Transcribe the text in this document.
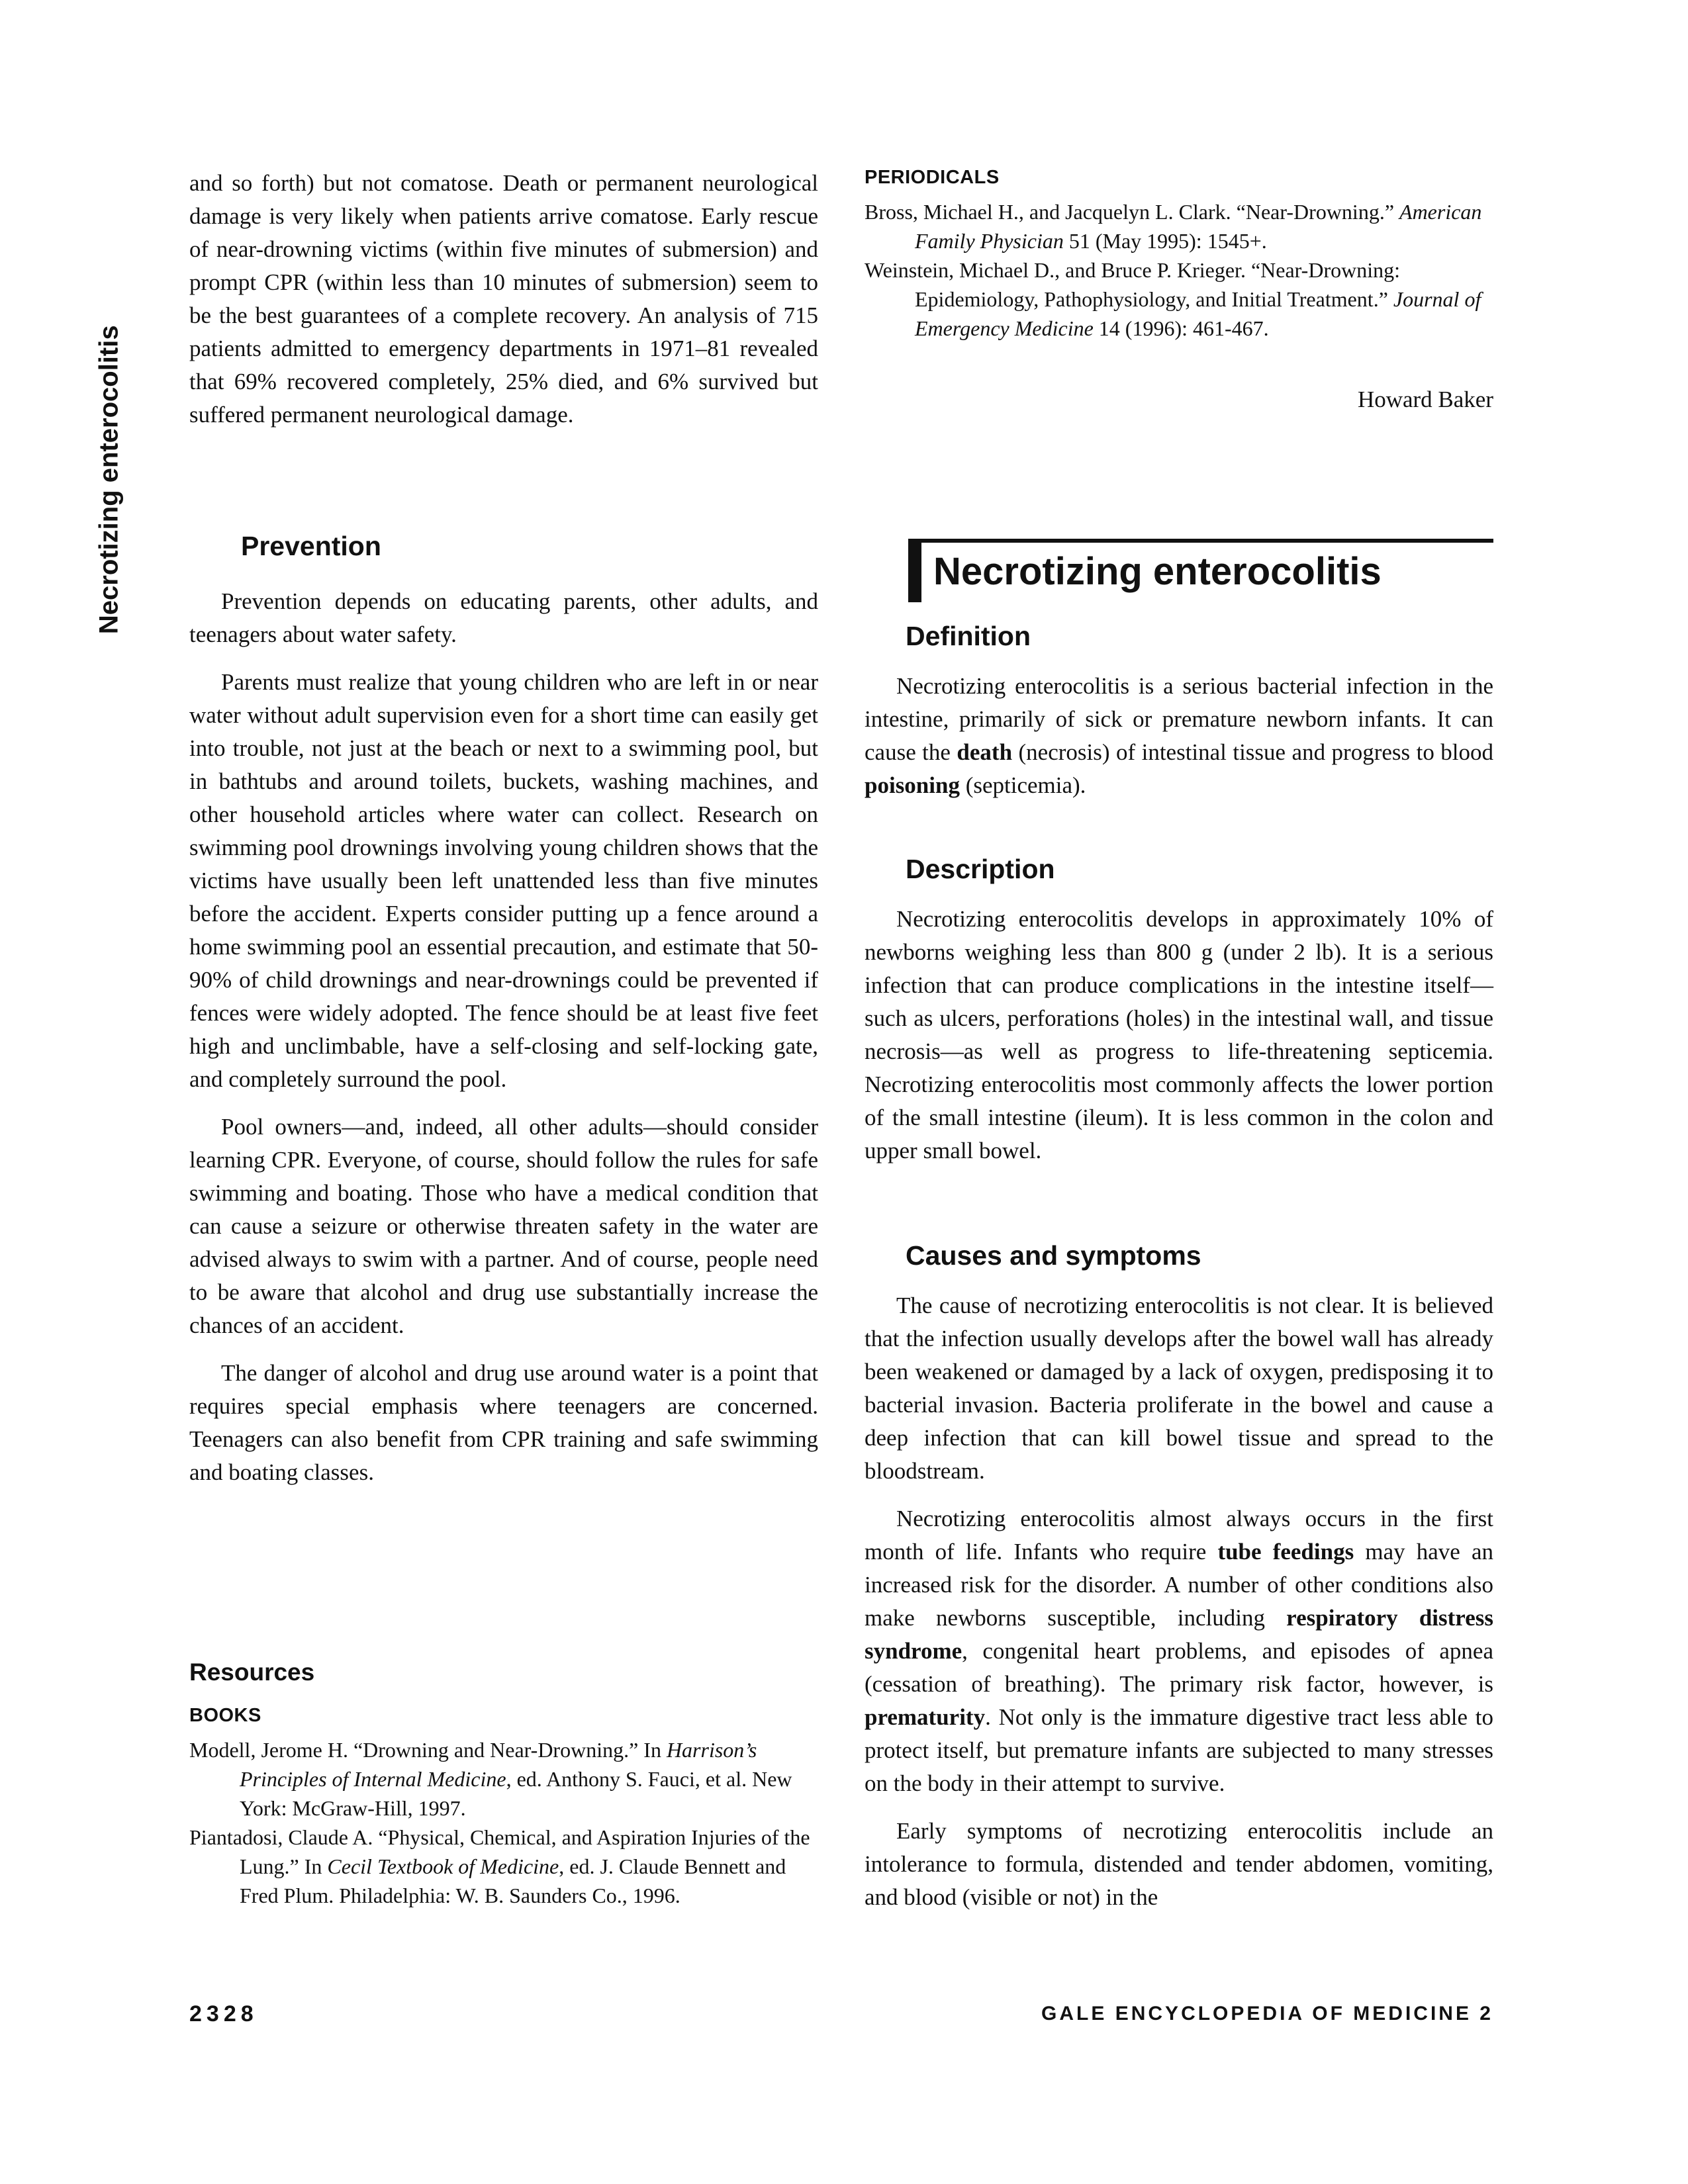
Necrotizing enterocolitis

and so forth) but not comatose. Death or permanent neurological damage is very likely when patients arrive comatose. Early rescue of near-drowning victims (within five minutes of submersion) and prompt CPR (within less than 10 minutes of submersion) seem to be the best guarantees of a complete recovery. An analysis of 715 patients admitted to emergency departments in 1971–81 revealed that 69% recovered completely, 25% died, and 6% survived but suffered permanent neurological damage.

Prevention

Prevention depends on educating parents, other adults, and teenagers about water safety.

Parents must realize that young children who are left in or near water without adult supervision even for a short time can easily get into trouble, not just at the beach or next to a swimming pool, but in bathtubs and around toilets, buckets, washing machines, and other household articles where water can collect. Research on swimming pool drownings involving young children shows that the victims have usually been left unattended less than five minutes before the accident. Experts consider putting up a fence around a home swimming pool an essential precaution, and estimate that 50-90% of child drownings and near-drownings could be prevented if fences were widely adopted. The fence should be at least five feet high and unclimbable, have a self-closing and self-locking gate, and completely surround the pool.

Pool owners—and, indeed, all other adults—should consider learning CPR. Everyone, of course, should follow the rules for safe swimming and boating. Those who have a medical condition that can cause a seizure or otherwise threaten safety in the water are advised always to swim with a partner. And of course, people need to be aware that alcohol and drug use substantially increase the chances of an accident.

The danger of alcohol and drug use around water is a point that requires special emphasis where teenagers are concerned. Teenagers can also benefit from CPR training and safe swimming and boating classes.

Resources
BOOKS

Modell, Jerome H. “Drowning and Near-Drowning.” In Harrison’s Principles of Internal Medicine, ed. Anthony S. Fauci, et al. New York: McGraw-Hill, 1997.

Piantadosi, Claude A. “Physical, Chemical, and Aspiration Injuries of the Lung.” In Cecil Textbook of Medicine, ed. J. Claude Bennett and Fred Plum. Philadelphia: W. B. Saunders Co., 1996.

PERIODICALS

Bross, Michael H., and Jacquelyn L. Clark. “Near-Drowning.” American Family Physician 51 (May 1995): 1545+.

Weinstein, Michael D., and Bruce P. Krieger. “Near-Drowning: Epidemiology, Pathophysiology, and Initial Treatment.” Journal of Emergency Medicine 14 (1996): 461-467.

Howard Baker
Necrotizing enterocolitis
Definition

Necrotizing enterocolitis is a serious bacterial infection in the intestine, primarily of sick or premature newborn infants. It can cause the death (necrosis) of intestinal tissue and progress to blood poisoning (septicemia).

Description

Necrotizing enterocolitis develops in approximately 10% of newborns weighing less than 800 g (under 2 lb). It is a serious infection that can produce complications in the intestine itself—such as ulcers, perforations (holes) in the intestinal wall, and tissue necrosis—as well as progress to life-threatening septicemia. Necrotizing enterocolitis most commonly affects the lower portion of the small intestine (ileum). It is less common in the colon and upper small bowel.

Causes and symptoms

The cause of necrotizing enterocolitis is not clear. It is believed that the infection usually develops after the bowel wall has already been weakened or damaged by a lack of oxygen, predisposing it to bacterial invasion. Bacteria proliferate in the bowel and cause a deep infection that can kill bowel tissue and spread to the bloodstream.

Necrotizing enterocolitis almost always occurs in the first month of life. Infants who require tube feedings may have an increased risk for the disorder. A number of other conditions also make newborns susceptible, including respiratory distress syndrome, congenital heart problems, and episodes of apnea (cessation of breathing). The primary risk factor, however, is prematurity. Not only is the immature digestive tract less able to protect itself, but premature infants are subjected to many stresses on the body in their attempt to survive.

Early symptoms of necrotizing enterocolitis include an intolerance to formula, distended and tender abdomen, vomiting, and blood (visible or not) in the

2328	GALE ENCYCLOPEDIA OF MEDICINE 2
